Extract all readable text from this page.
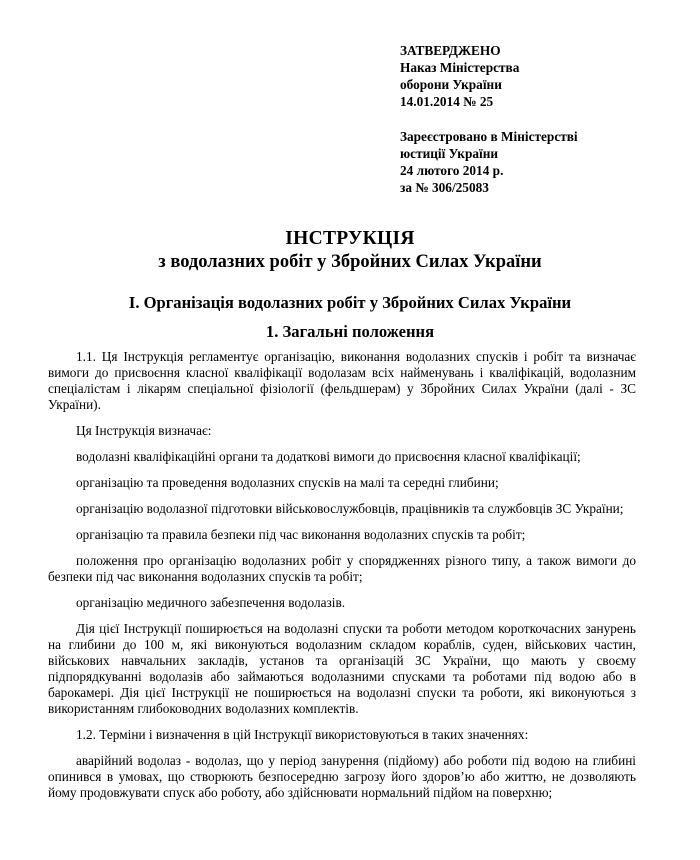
ЗАТВЕРДЖЕНО

Наказ Міністерства

оборони України

14.01.2014 № 25

Зареєстровано в Міністерстві

юстиції України

24 лютого 2014 р.

за № 306/25083

ІНСТРУКЦІЯ

з водолазних робіт у Збройних Силах України

І. Організація водолазних робіт у Збройних Силах України

1. Загальні положення

1.1. Ця Інструкція регламентує організацію, виконання водолазних спусків і робіт та визначає вимоги до присвоєння класної кваліфікації водолазам всіх найменувань і кваліфікацій, водолазним спеціалістам і лікарям спеціальної фізіології (фельдшерам) у Збройних Силах України (далі - ЗС України).

Ця Інструкція визначає:

водолазні кваліфікаційні органи та додаткові вимоги до присвоєння класної кваліфікації;

організацію та проведення водолазних спусків на малі та середні глибини;

організацію водолазної підготовки військовослужбовців, працівників та службовців ЗС України;

організацію та правила безпеки під час виконання водолазних спусків та робіт;

положення про організацію водолазних робіт у спорядженнях різного типу, а також вимоги до безпеки під час виконання водолазних спусків та робіт;

організацію медичного забезпечення водолазів.

Дія цієї Інструкції поширюється на водолазні спуски та роботи методом короткочасних занурень на глибини до 100 м, які виконуються водолазним складом кораблів, суден, військових частин, військових навчальних закладів, установ та організацій ЗС України, що мають у своєму підпорядкуванні водолазів або займаються водолазними спусками та роботами під водою або в барокамері. Дія цієї Інструкції не поширюється на водолазні спуски та роботи, які виконуються з використанням глибоководних водолазних комплектів.

1.2. Терміни і визначення в цій Інструкції використовуються в таких значеннях:

аварійний водолаз - водолаз, що у період занурення (підйому) або роботи під водою на глибині опинився в умовах, що створюють безпосередню загрозу його здоров’ю або життю, не дозволяють йому продовжувати спуск або роботу, або здійснювати нормальний підйом на поверхню;
